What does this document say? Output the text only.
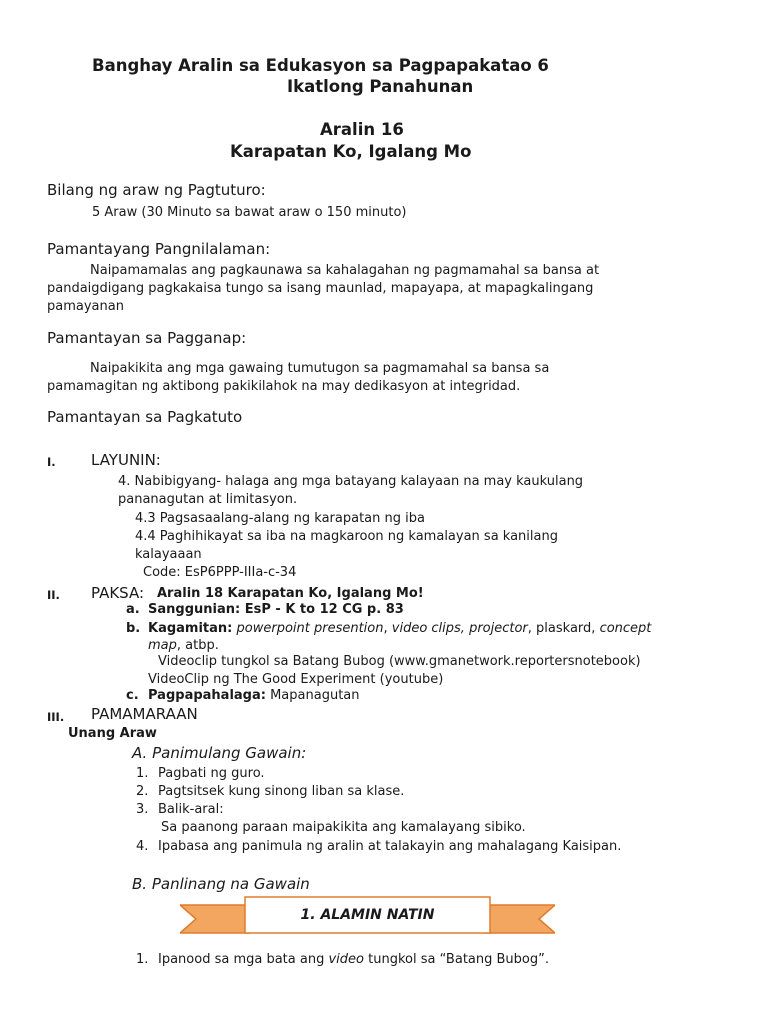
Banghay Aralin sa Edukasyon sa Pagpapakatao 6
Ikatlong Panahunan
Aralin 16
Karapatan Ko, Igalang Mo
Bilang ng araw ng Pagtuturo:
5 Araw (30 Minuto sa bawat araw o 150 minuto)
Pamantayang Pangnilalaman:
Naipamamalas ang pagkaunawa sa kahalagahan ng pagmamahal sa bansa at
pandaigdigang pagkakaisa tungo sa isang maunlad, mapayapa, at mapagkalingang
pamayanan
Pamantayan sa Pagganap:
Naipakikita ang mga gawaing tumutugon sa pagmamahal sa bansa sa
pamamagitan ng aktibong pakikilahok na may dedikasyon at integridad.
Pamantayan sa Pagkatuto
I. LAYUNIN:
4. Nabibigyang- halaga ang mga batayang kalayaan na may kaukulang
pananagutan at limitasyon.
4.3 Pagsasaalang-alang ng karapatan ng iba
4.4 Paghihikayat sa iba na magkaroon ng kamalayan sa kanilang
kalayaaan
Code: EsP6PPP-IIIa-c-34
II. PAKSA: Aralin 18 Karapatan Ko, Igalang Mo!
a. Sanggunian: EsP - K to 12 CG p. 83
b. Kagamitan: powerpoint presention, video clips, projector, plaskard, concept
map, atbp.
Videoclip tungkol sa Batang Bubog (www.gmanetwork.reportersnotebook)
VideoClip ng The Good Experiment (youtube)
c. Pagpapahalaga: Mapanagutan
III. PAMAMARAAN
Unang Araw
A. Panimulang Gawain:
1. Pagbati ng guro.
2. Pagtsitsek kung sinong liban sa klase.
3. Balik-aral:
Sa paanong paraan maipakikita ang kamalayang sibiko.
4. Ipabasa ang panimula ng aralin at talakayin ang mahalagang Kaisipan.
B. Panlinang na Gawain
1. ALAMIN NATIN
1. Ipanood sa mga bata ang video tungkol sa “Batang Bubog”.
